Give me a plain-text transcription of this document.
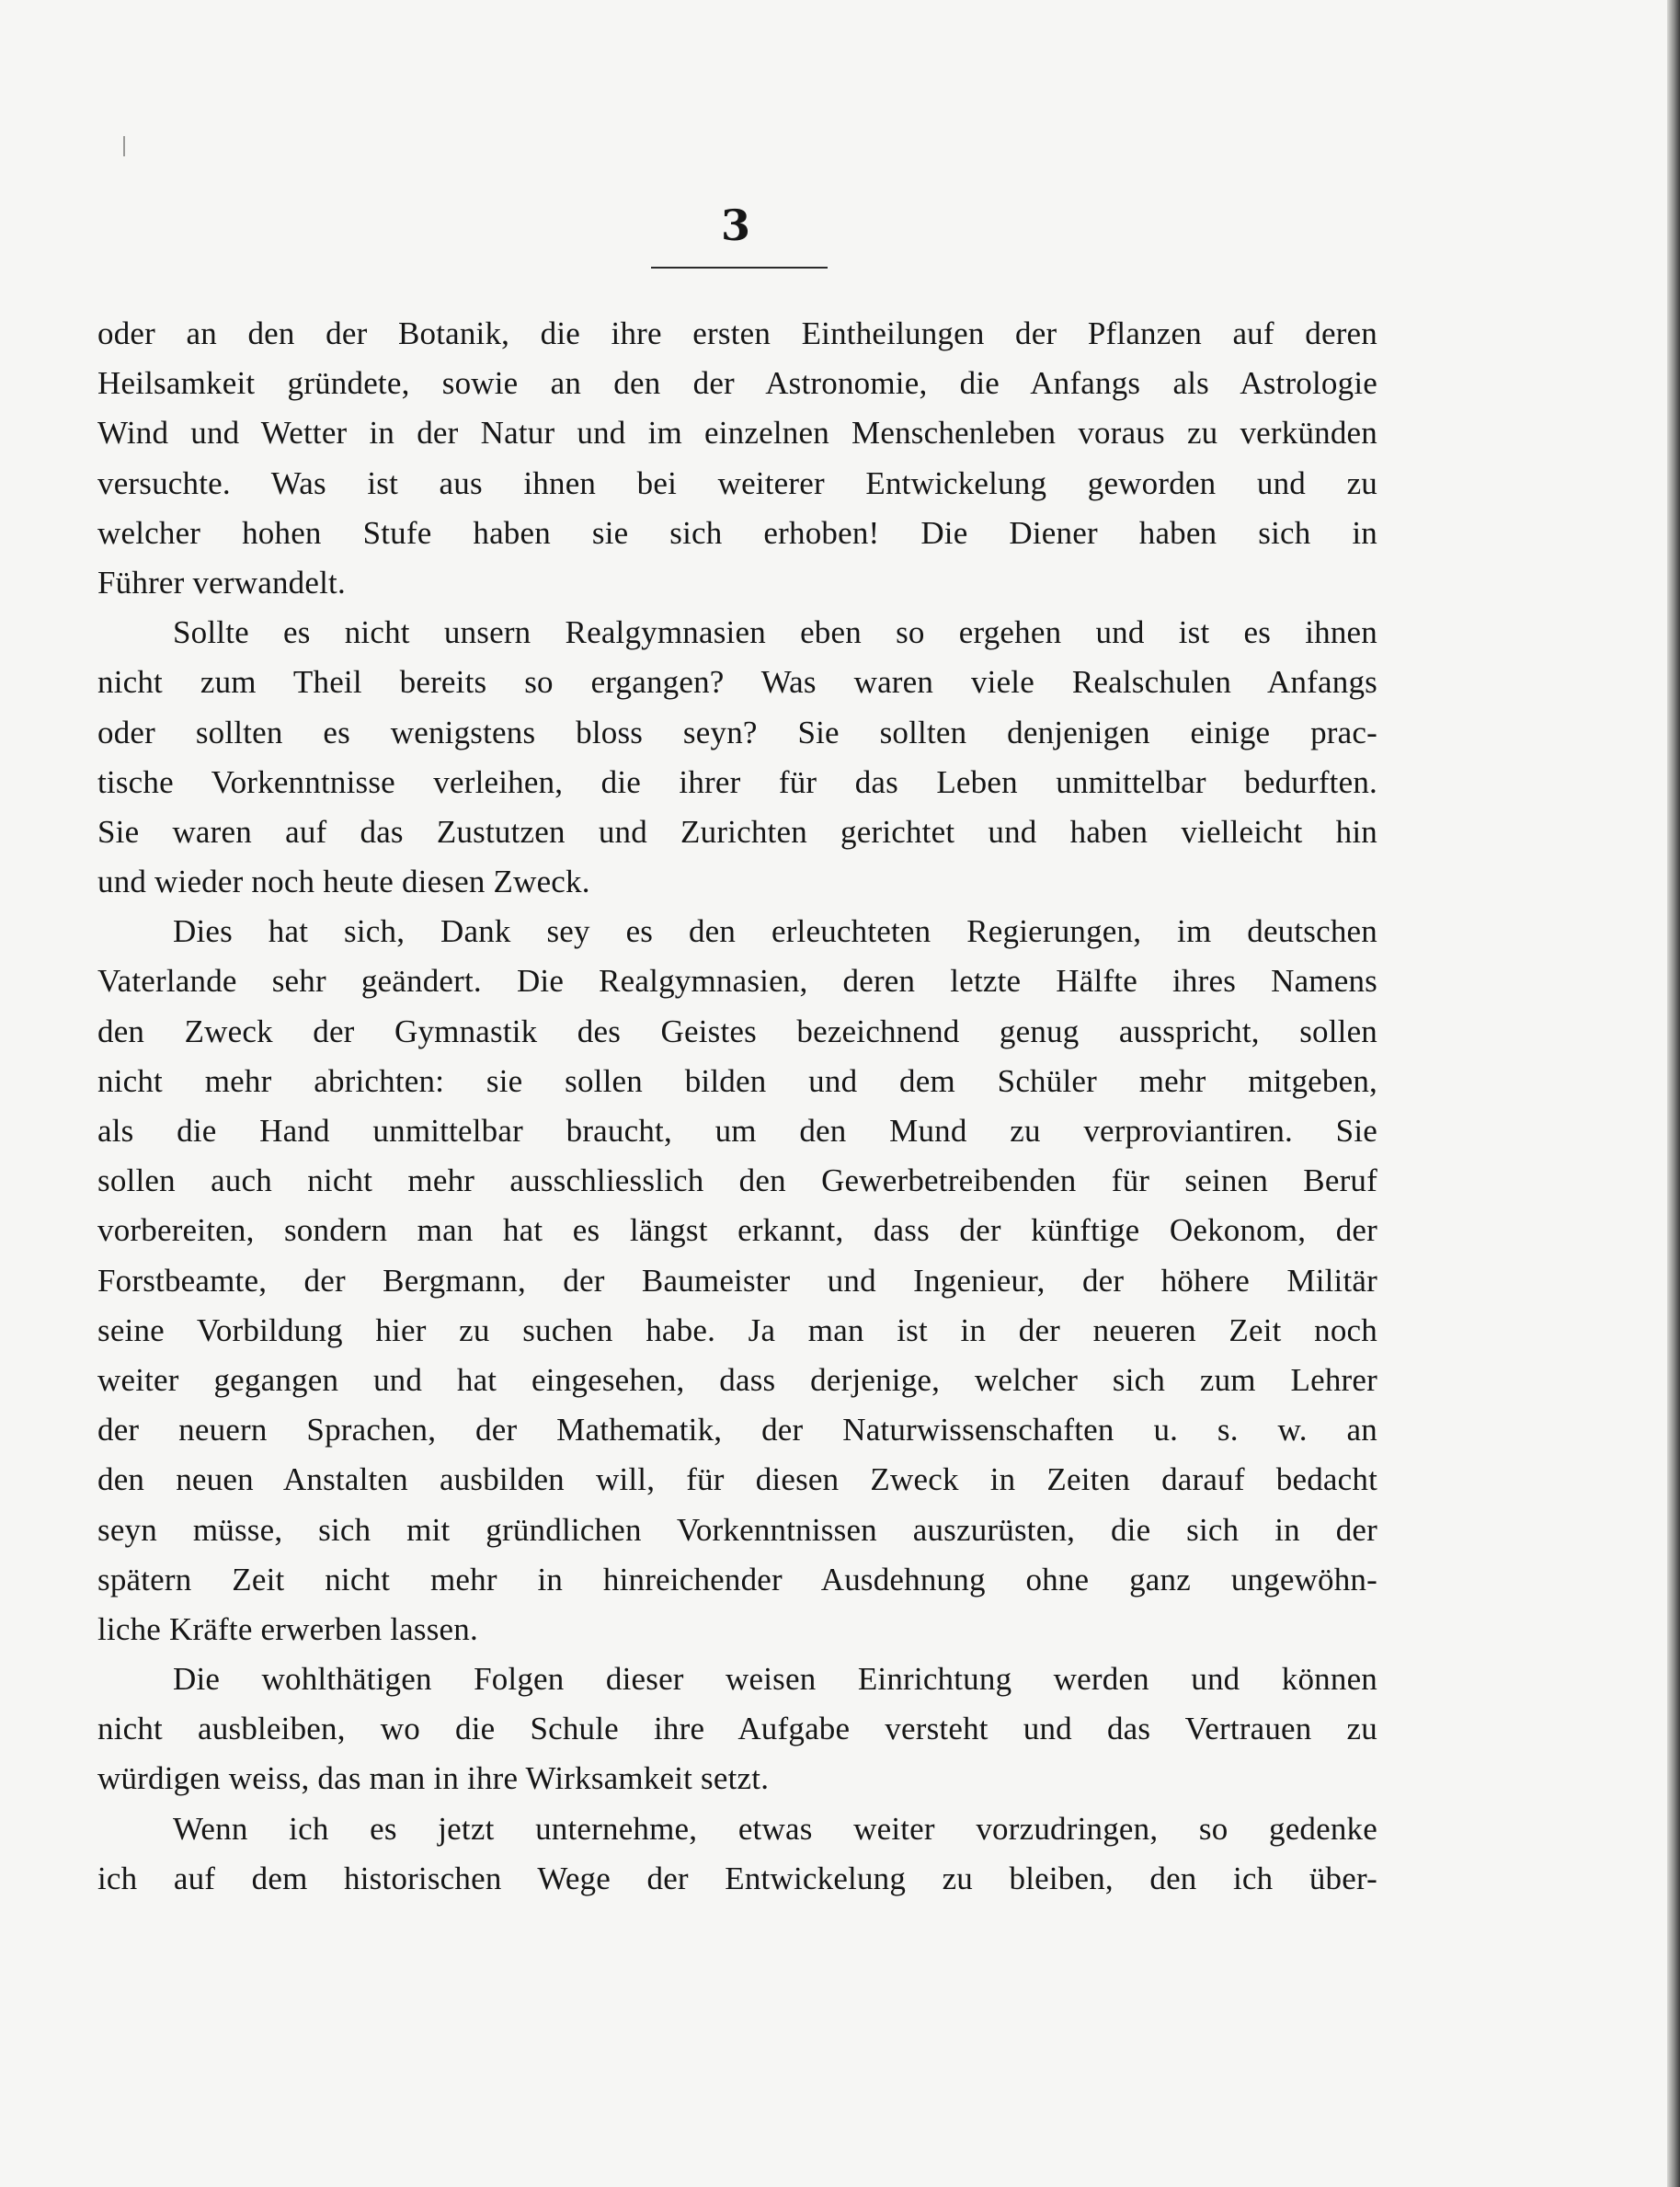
3
oder an den der Botanik, die ihre ersten Eintheilungen der Pflanzen auf deren
Heilsamkeit gründete, sowie an den der Astronomie, die Anfangs als Astrologie
Wind und Wetter in der Natur und im einzelnen Menschenleben voraus zu verkünden
versuchte. Was ist aus ihnen bei weiterer Entwickelung geworden und zu
welcher hohen Stufe haben sie sich erhoben! Die Diener haben sich in
Führer verwandelt.
Sollte es nicht unsern Realgymnasien eben so ergehen und ist es ihnen
nicht zum Theil bereits so ergangen? Was waren viele Realschulen Anfangs
oder sollten es wenigstens bloss seyn? Sie sollten denjenigen einige prac-
tische Vorkenntnisse verleihen, die ihrer für das Leben unmittelbar bedurften.
Sie waren auf das Zustutzen und Zurichten gerichtet und haben vielleicht hin
und wieder noch heute diesen Zweck.
Dies hat sich, Dank sey es den erleuchteten Regierungen, im deutschen
Vaterlande sehr geändert. Die Realgymnasien, deren letzte Hälfte ihres Namens
den Zweck der Gymnastik des Geistes bezeichnend genug ausspricht, sollen
nicht mehr abrichten: sie sollen bilden und dem Schüler mehr mitgeben,
als die Hand unmittelbar braucht, um den Mund zu verproviantiren. Sie
sollen auch nicht mehr ausschliesslich den Gewerbetreibenden für seinen Beruf
vorbereiten, sondern man hat es längst erkannt, dass der künftige Oekonom, der
Forstbeamte, der Bergmann, der Baumeister und Ingenieur, der höhere Militär
seine Vorbildung hier zu suchen habe. Ja man ist in der neueren Zeit noch
weiter gegangen und hat eingesehen, dass derjenige, welcher sich zum Lehrer
der neuern Sprachen, der Mathematik, der Naturwissenschaften u. s. w. an
den neuen Anstalten ausbilden will, für diesen Zweck in Zeiten darauf bedacht
seyn müsse, sich mit gründlichen Vorkenntnissen auszurüsten, die sich in der
spätern Zeit nicht mehr in hinreichender Ausdehnung ohne ganz ungewöhn-
liche Kräfte erwerben lassen.
Die wohlthätigen Folgen dieser weisen Einrichtung werden und können
nicht ausbleiben, wo die Schule ihre Aufgabe versteht und das Vertrauen zu
würdigen weiss, das man in ihre Wirksamkeit setzt.
Wenn ich es jetzt unternehme, etwas weiter vorzudringen, so gedenke
ich auf dem historischen Wege der Entwickelung zu bleiben, den ich über-
